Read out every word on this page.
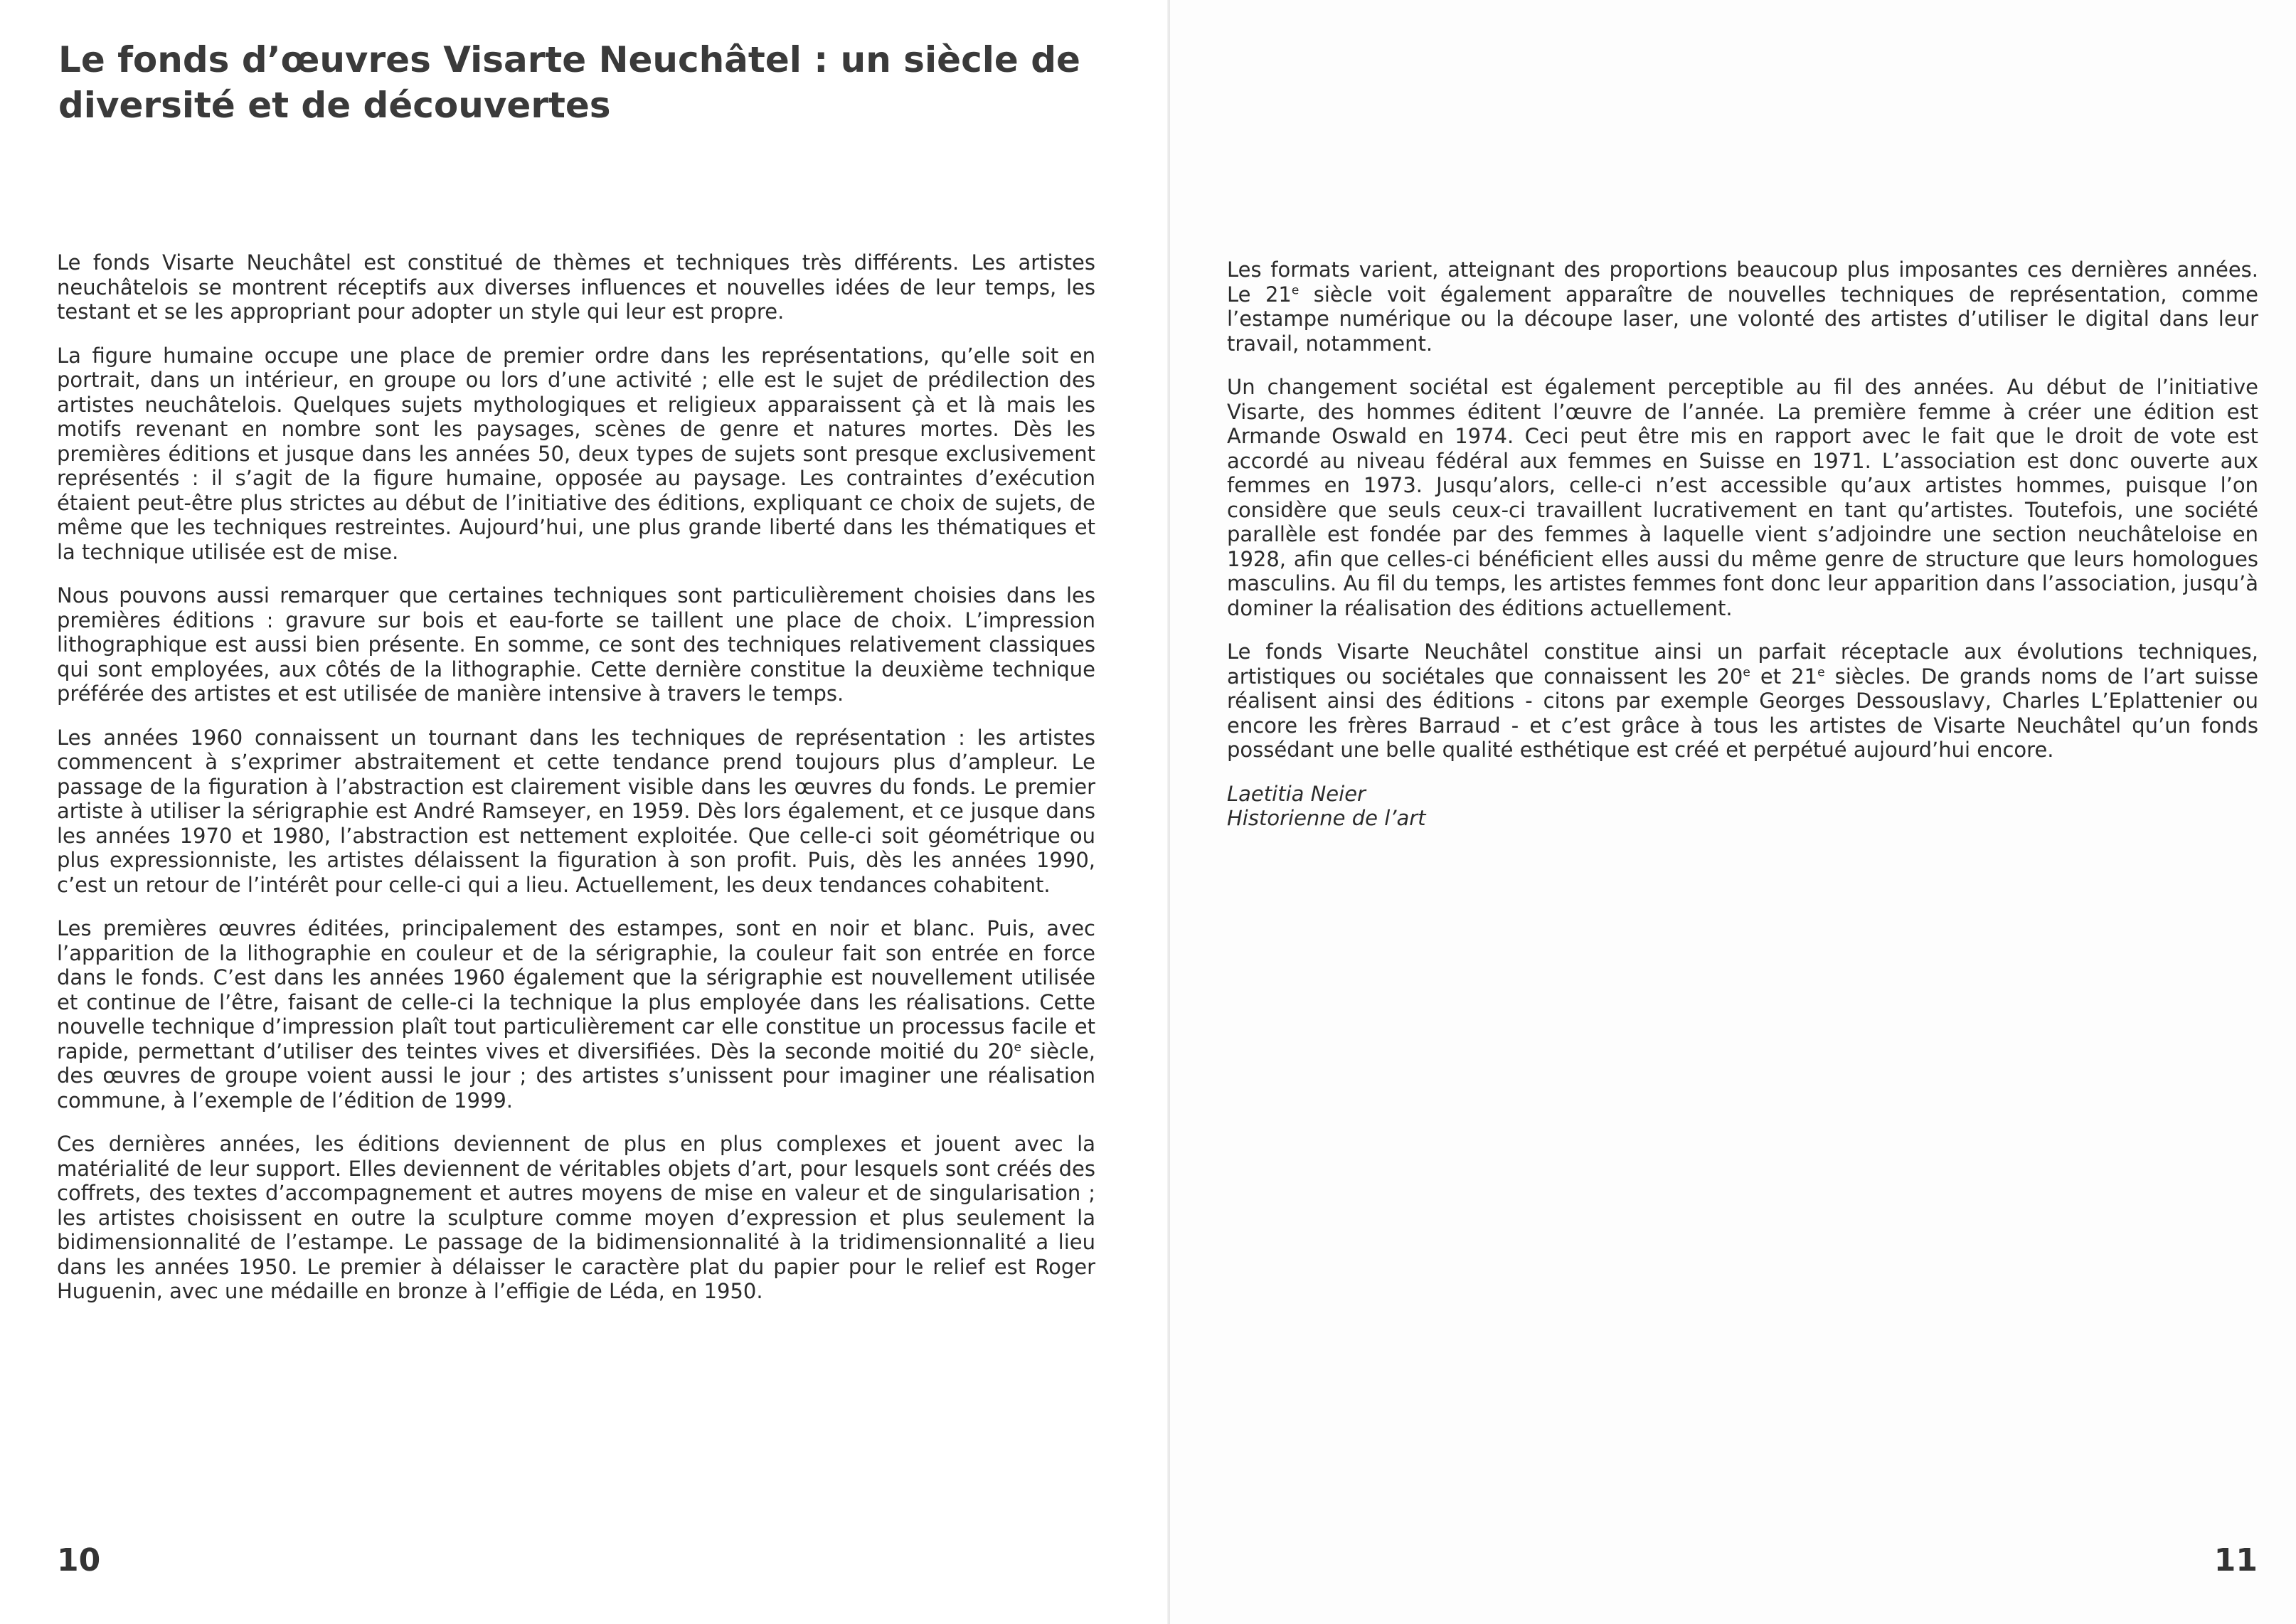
Le fonds d’œuvres Visarte Neuchâtel : un siècle de diversité et de découvertes

Le fonds Visarte Neuchâtel est constitué de thèmes et techniques très différents. Les artistes neuchâtelois se montrent réceptifs aux diverses influences et nouvelles idées de leur temps, les testant et se les appropriant pour adopter un style qui leur est propre.

La figure humaine occupe une place de premier ordre dans les représentations, qu’elle soit en portrait, dans un intérieur, en groupe ou lors d’une activité ; elle est le sujet de prédilection des artistes neuchâtelois. Quelques sujets mythologiques et religieux apparaissent çà et là mais les motifs revenant en nombre sont les paysages, scènes de genre et natures mortes. Dès les premières éditions et jusque dans les années 50, deux types de sujets sont presque exclusivement représentés : il s’agit de la figure humaine, opposée au paysage. Les contraintes d’exécution étaient peut-être plus strictes au début de l’initiative des éditions, expliquant ce choix de sujets, de même que les techniques restreintes. Aujourd’hui, une plus grande liberté dans les thématiques et la technique utilisée est de mise.

Nous pouvons aussi remarquer que certaines techniques sont particulièrement choisies dans les premières éditions : gravure sur bois et eau-forte se taillent une place de choix. L’impression lithographique est aussi bien présente. En somme, ce sont des techniques relativement classiques qui sont employées, aux côtés de la lithographie. Cette dernière constitue la deuxième technique préférée des artistes et est utilisée de manière intensive à travers le temps.

Les années 1960 connaissent un tournant dans les techniques de représentation : les artistes commencent à s’exprimer abstraitement et cette tendance prend toujours plus d’ampleur. Le passage de la figuration à l’abstraction est clairement visible dans les œuvres du fonds. Le premier artiste à utiliser la sérigraphie est André Ramseyer, en 1959. Dès lors également, et ce jusque dans les années 1970 et 1980, l’abstraction est nettement exploitée. Que celle-ci soit géométrique ou plus expressionniste, les artistes délaissent la figuration à son profit. Puis, dès les années 1990, c’est un retour de l’intérêt pour celle-ci qui a lieu. Actuellement, les deux tendances cohabitent.

Les premières œuvres éditées, principalement des estampes, sont en noir et blanc. Puis, avec l’apparition de la lithographie en couleur et de la sérigraphie, la couleur fait son entrée en force dans le fonds. C’est dans les années 1960 également que la sérigraphie est nouvellement utilisée et continue de l’être, faisant de celle-ci la technique la plus employée dans les réalisations. Cette nouvelle technique d’impression plaît tout particulièrement car elle constitue un processus facile et rapide, permettant d’utiliser des teintes vives et diversifiées. Dès la seconde moitié du 20e siècle, des œuvres de groupe voient aussi le jour ; des artistes s’unissent pour imaginer une réalisation commune, à l’exemple de l’édition de 1999.

Ces dernières années, les éditions deviennent de plus en plus complexes et jouent avec la matérialité de leur support. Elles deviennent de véritables objets d’art, pour lesquels sont créés des coffrets, des textes d’accompagnement et autres moyens de mise en valeur et de singularisation ; les artistes choisissent en outre la sculpture comme moyen d’expression et plus seulement la bidimensionnalité de l’estampe. Le passage de la bidimensionnalité à la tridimensionnalité a lieu dans les années 1950. Le premier à délaisser le caractère plat du papier pour le relief est Roger Huguenin, avec une médaille en bronze à l’effigie de Léda, en 1950.

10

Les formats varient, atteignant des proportions beaucoup plus imposantes ces dernières années. Le 21e siècle voit également apparaître de nouvelles techniques de représentation, comme l’estampe numérique ou la découpe laser, une volonté des artistes d’utiliser le digital dans leur travail, notamment.

Un changement sociétal est également perceptible au fil des années. Au début de l’initiative Visarte, des hommes éditent l’œuvre de l’année. La première femme à créer une édition est Armande Oswald en 1974. Ceci peut être mis en rapport avec le fait que le droit de vote est accordé au niveau fédéral aux femmes en Suisse en 1971. L’association est donc ouverte aux femmes en 1973. Jusqu’alors, celle-ci n’est accessible qu’aux artistes hommes, puisque l’on considère que seuls ceux-ci travaillent lucrativement en tant qu’artistes. Toutefois, une société parallèle est fondée par des femmes à laquelle vient s’adjoindre une section neuchâteloise en 1928, afin que celles-ci bénéficient elles aussi du même genre de structure que leurs homologues masculins. Au fil du temps, les artistes femmes font donc leur apparition dans l’association, jusqu’à dominer la réalisation des éditions actuellement.

Le fonds Visarte Neuchâtel constitue ainsi un parfait réceptacle aux évolutions techniques, artistiques ou sociétales que connaissent les 20e et 21e siècles. De grands noms de l’art suisse réalisent ainsi des éditions - citons par exemple Georges Dessouslavy, Charles L’Eplattenier ou encore les frères Barraud - et c’est grâce à tous les artistes de Visarte Neuchâtel qu’un fonds possédant une belle qualité esthétique est créé et perpétué aujourd’hui encore.

Laetitia Neier

Historienne de l’art

11
